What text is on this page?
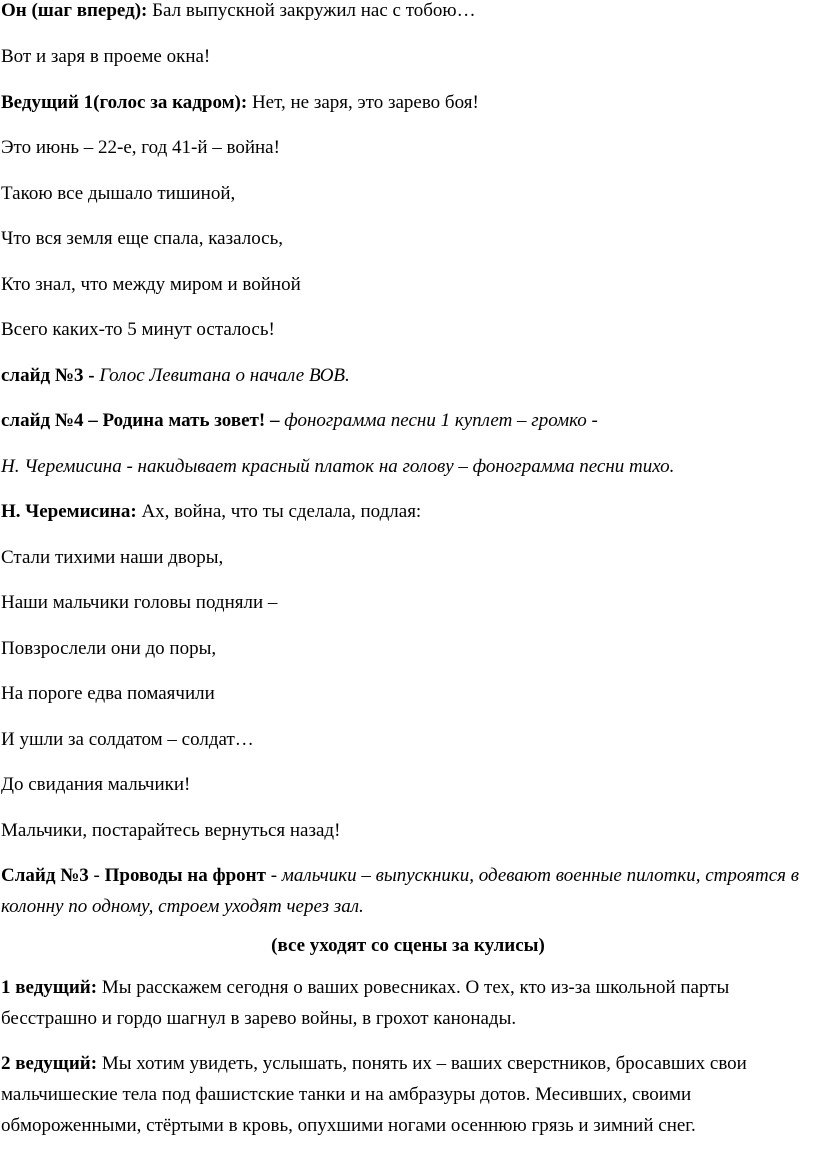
Он (шаг вперед): Бал выпускной закружил нас с тобою…
Вот и заря в проеме окна!
Ведущий 1(голос за кадром): Нет, не заря, это зарево боя!
Это июнь – 22-е, год 41-й – война!
Такою все дышало тишиной,
Что вся земля еще спала, казалось,
Кто знал, что между миром и войной
Всего каких-то 5 минут осталось!
слайд №3 - Голос Левитана о начале ВОВ.
слайд №4 – Родина мать зовет! – фонограмма песни 1 куплет – громко -
Н. Черемисина - накидывает красный платок на голову – фонограмма песни тихо.
Н. Черемисина: Ах, война, что ты сделала, подлая:
Стали тихими наши дворы,
Наши мальчики головы подняли –
Повзрослели они до поры,
На пороге едва помаячили
И ушли за солдатом – солдат…
До свидания мальчики!
Мальчики, постарайтесь вернуться назад!
Слайд №3 - Проводы на фронт - мальчики – выпускники, одевают военные пилотки, строятся в колонну по одному, строем уходят через зал.
(все уходят со сцены за кулисы)
1 ведущий: Мы расскажем сегодня о ваших ровесниках. О тех, кто из-за школьной парты бесстрашно и гордо шагнул в зарево войны, в грохот канонады.
2 ведущий: Мы хотим увидеть, услышать, понять их – ваших сверстников, бросавших свои мальчишеские тела под фашистские танки и на амбразуры дотов. Месивших, своими обмороженными, стёртыми в кровь, опухшими ногами осеннюю грязь и зимний снег.
